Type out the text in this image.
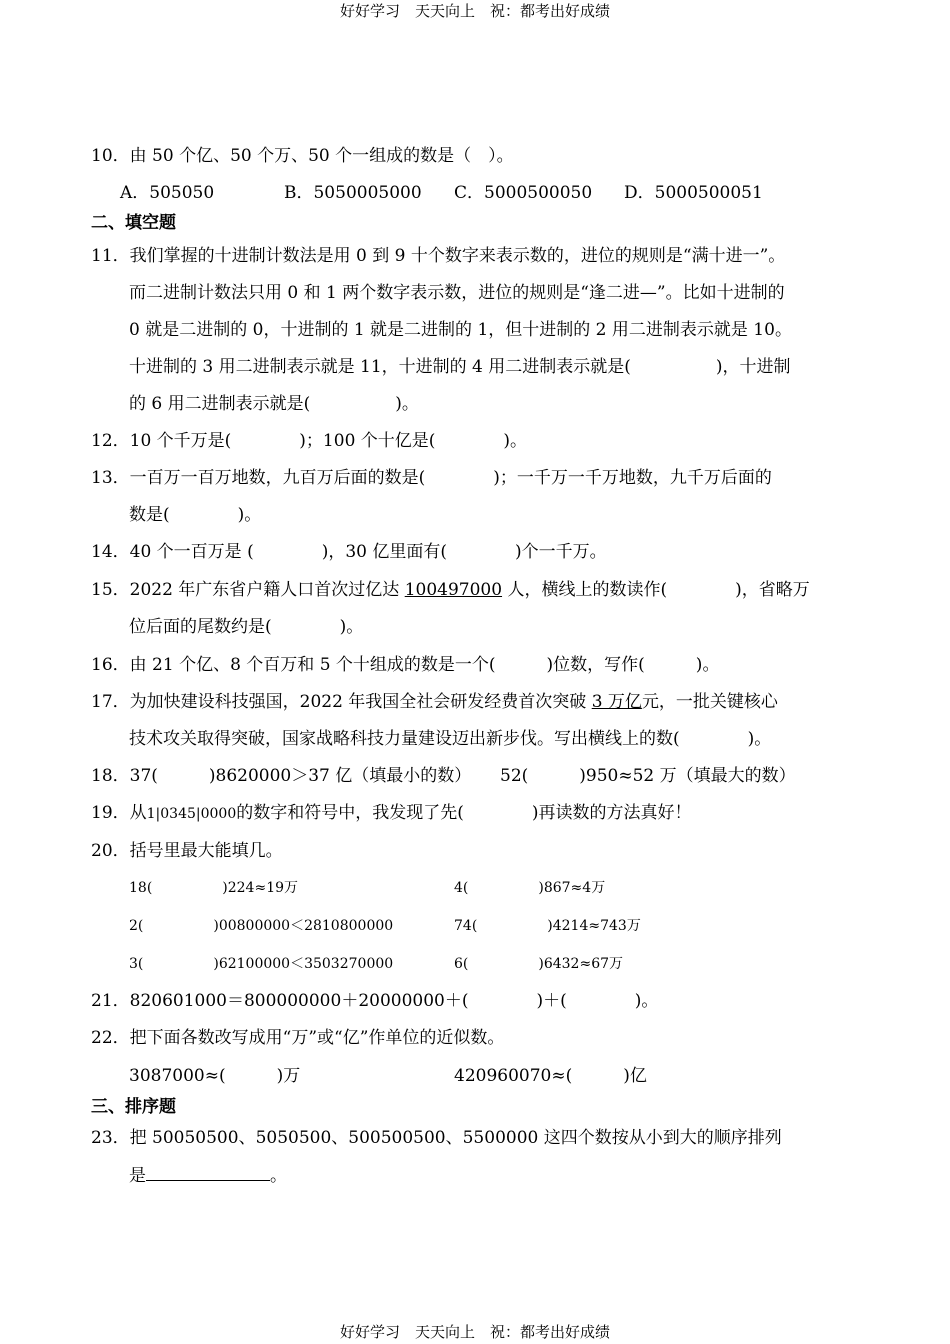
好好学习　天天向上　祝：都考出好成绩
10．由 50 个亿、50 个万、50 个一组成的数是（　）。
A．505050	B．5050005000 C．5000500050 D．5000500051
二、填空题
11．我们掌握的十进制计数法是用 0 到 9 十个数字来表示数的，进位的规则是“满十进一”。
而二进制计数法只用 0 和 1 两个数字表示数，进位的规则是“逢二进—”。比如十进制的
0 就是二进制的 0，十进制的 1 就是二进制的 1，但十进制的 2 用二进制表示就是 10。
十进制的 3 用二进制表示就是 11，十进制的 4 用二进制表示就是(　　　　　)，十进制
的 6 用二进制表示就是(　　　　　)。
12．10 个千万是(　　　　)；100 个十亿是(　　　　)。
13．一百万一百万地数，九百万后面的数是(　　　　)；一千万一千万地数，九千万后面的
数是(　　　　)。
14．40 个一百万是 (　　　　)，30 亿里面有(　　　　)个一千万。
15．2022 年广东省户籍人口首次过亿达 100497000 人，横线上的数读作(　　　　)，省略万
位后面的尾数约是(　　　　)。
16．由 21 个亿、8 个百万和 5 个十组成的数是一个(　　　)位数，写作(　　　)。
17．为加快建设科技强国，2022 年我国全社会研发经费首次突破 3 万亿元，一批关键核心
技术攻关取得突破，国家战略科技力量建设迈出新步伐。写出横线上的数(　　　　)。
18．37(　　　)8620000＞37 亿（填最小的数） 52(　　　)950≈52 万（填最大的数）
19．从1|0345|0000的数字和符号中，我发现了先(　　　　)再读数的方法真好！
20．括号里最大能填几。
18(　　　　　)224≈19万	4(　　　　　)867≈4万
2(　　　　　)00800000＜2810800000	74(　　　　　)4214≈743万
3(　　　　　)62100000＜3503270000	6(　　　　　)6432≈67万
21．820601000＝800000000＋20000000＋(　　　　)＋(　　　　)。
22．把下面各数改写成用“万”或“亿”作单位的近似数。
3087000≈(　　　)万	420960070≈(　　　)亿
三、排序题
23．把 50050500、5050500、500500500、5500000 这四个数按从小到大的顺序排列
是	。
好好学习　天天向上　祝：都考出好成绩
